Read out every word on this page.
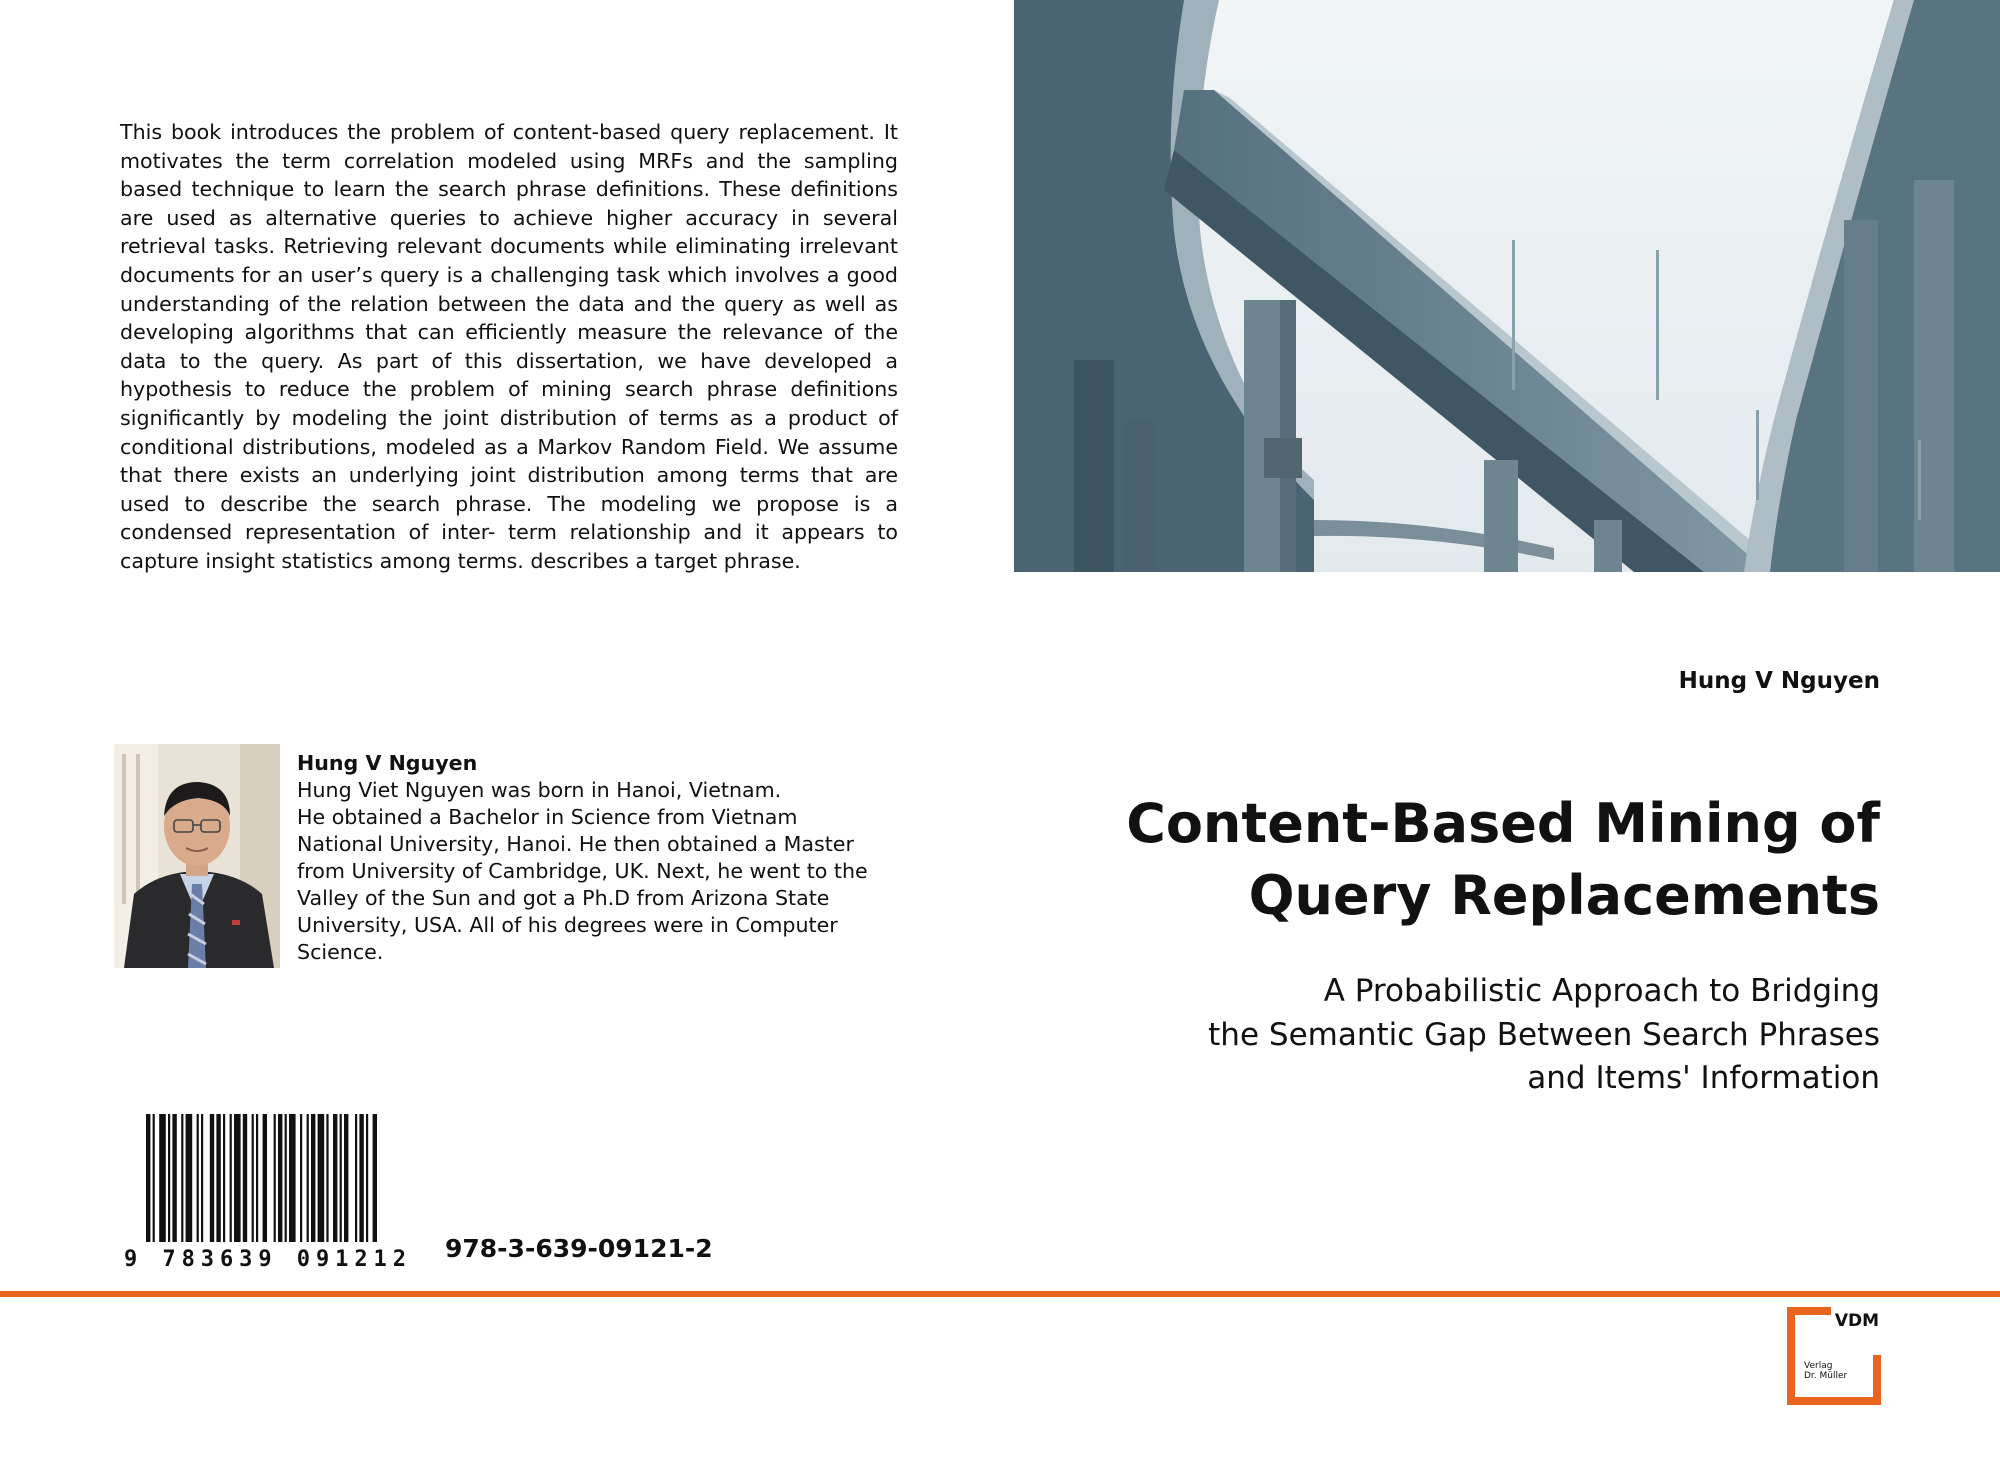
This book introduces the problem of content-based query replacement. It motivates the term correlation modeled using MRFs and the sampling based technique to learn the search phrase definitions. These definitions are used as alternative queries to achieve higher accuracy in several retrieval tasks. Retrieving relevant documents while eliminating irrelevant documents for an user’s query is a challenging task which involves a good understanding of the relation between the data and the query as well as developing algorithms that can efficiently measure the relevance of the data to the query. As part of this dissertation, we have developed a hypothesis to reduce the problem of mining search phrase definitions significantly by modeling the joint distribution of terms as a product of conditional distributions, modeled as a Markov Random Field. We assume that there exists an underlying joint distribution among terms that are used to describe the search phrase. The modeling we propose is a condensed representation of inter- term relationship and it appears to capture insight statistics among terms. describes a target phrase.

Hung V Nguyen

Hung Viet Nguyen was born in Hanoi, Vietnam.
He obtained a Bachelor in Science from Vietnam
National University, Hanoi. He then obtained a Master
from University of Cambridge, UK. Next, he went to the
Valley of the Sun and got a Ph.D from Arizona State
University, USA. All of his degrees were in Computer
Science.

9 783639 091212 978-3-639-09121-2

Hung V Nguyen

Content-Based Mining of
Query Replacements

A Probabilistic Approach to Bridging
the Semantic Gap Between Search Phrases
and Items' Information

VDM
Verlag
Dr. Müller
